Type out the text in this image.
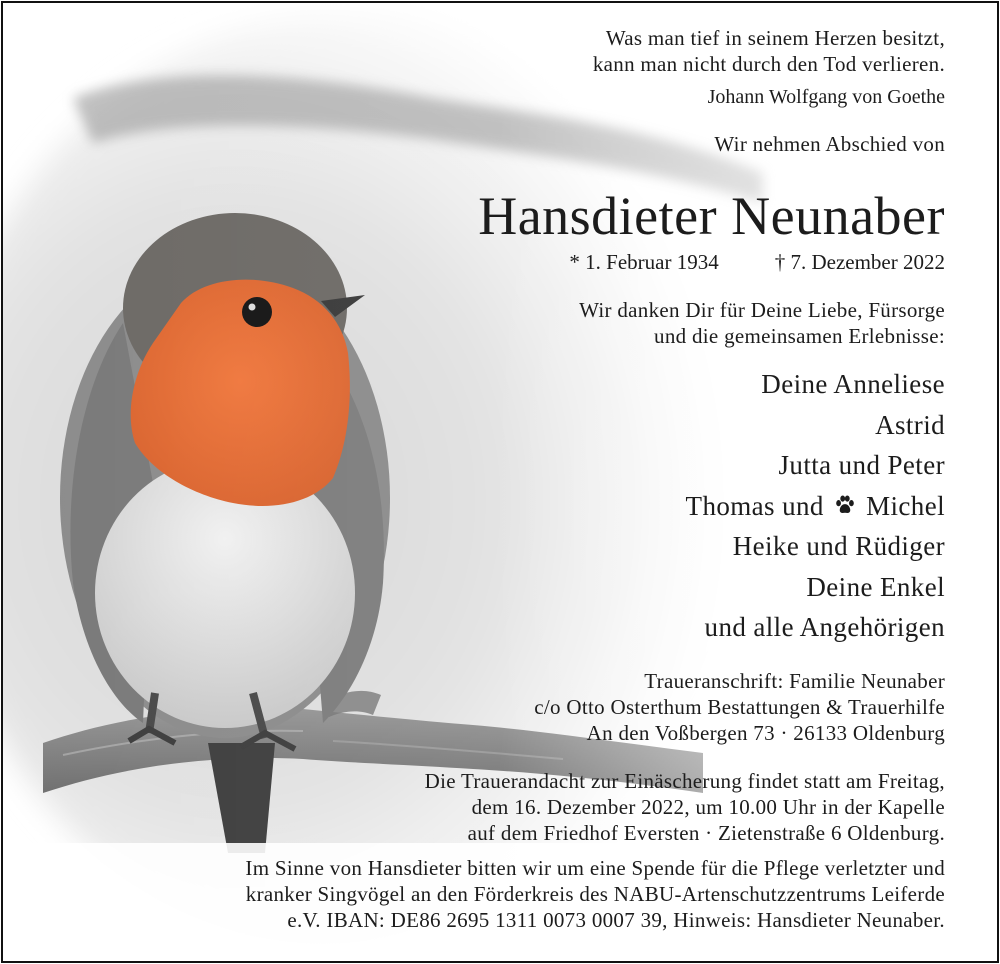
Was man tief in seinem Herzen besitzt,
kann man nicht durch den Tod verlieren.
Johann Wolfgang von Goethe
Wir nehmen Abschied von
Hansdieter Neunaber
* 1. Februar 1934	† 7. Dezember 2022
Wir danken Dir für Deine Liebe, Fürsorge
und die gemeinsamen Erlebnisse:
Deine Anneliese
Astrid
Jutta und Peter
Thomas und Michel
Heike und Rüdiger
Deine Enkel
und alle Angehörigen
Traueranschrift: Familie Neunaber
c/o Otto Osterthum Bestattungen & Trauerhilfe
An den Voßbergen 73 · 26133 Oldenburg
Die Trauerandacht zur Einäscherung findet statt am Freitag,
dem 16. Dezember 2022, um 10.00 Uhr in der Kapelle
auf dem Friedhof Eversten · Zietenstraße 6 Oldenburg.
Im Sinne von Hansdieter bitten wir um eine Spende für die Pflege verletzter und
kranker Singvögel an den Förderkreis des NABU-Artenschutzzentrums Leiferde
e.V. IBAN: DE86 2695 1311 0073 0007 39, Hinweis: Hansdieter Neunaber.
